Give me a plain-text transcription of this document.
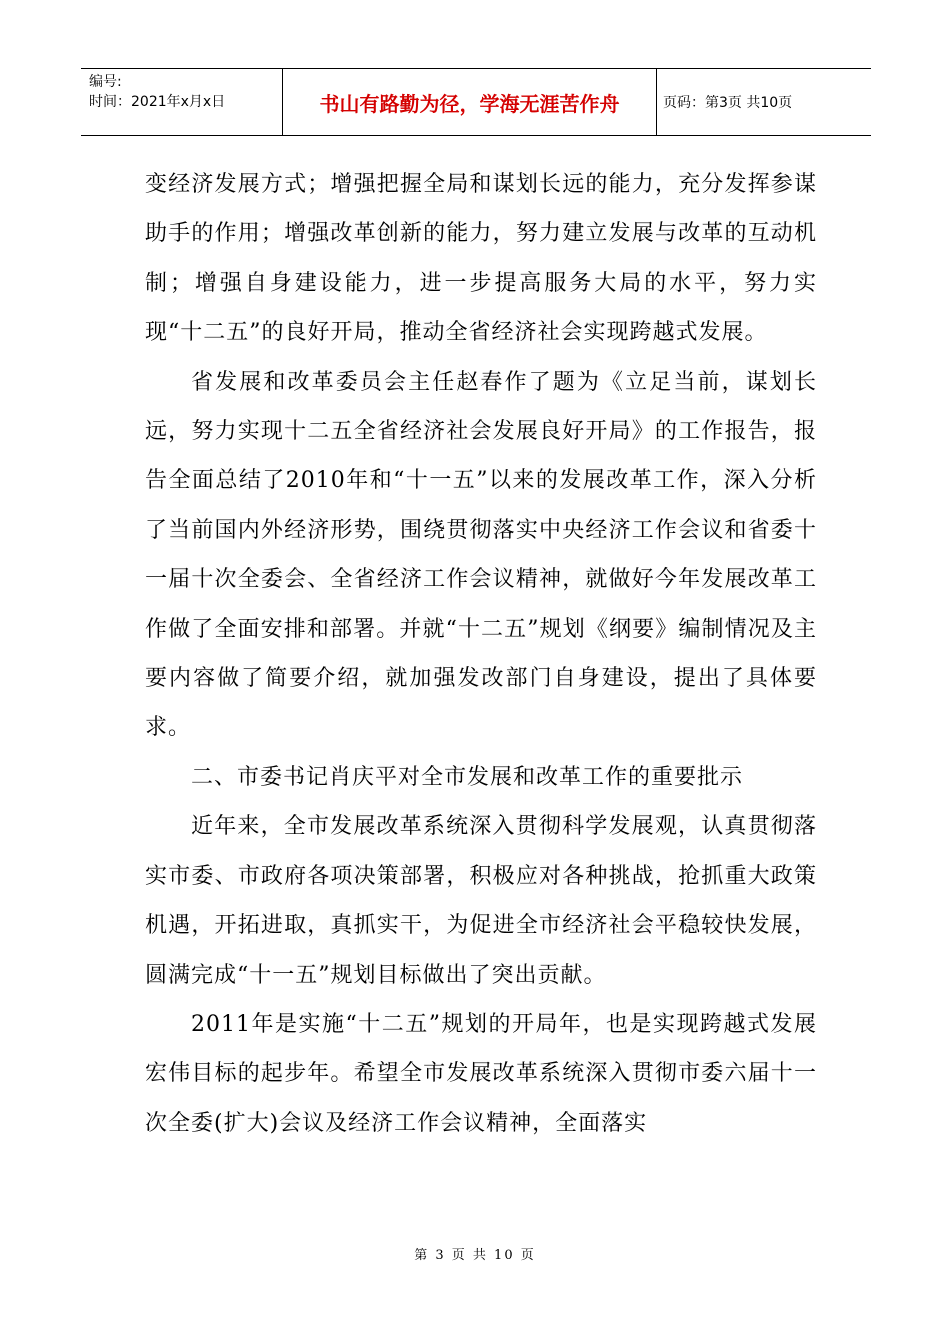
编号:
时间：2021年x月x日	书山有路勤为径，学海无涯苦作舟	页码：第3页 共10页

变经济发展方式；增强把握全局和谋划长远的能力，充分发挥参谋助手的作用；增强改革创新的能力，努力建立发展与改革的互动机制；增强自身建设能力，进一步提高服务大局的水平，努力实现“十二五”的良好开局，推动全省经济社会实现跨越式发展。

省发展和改革委员会主任赵春作了题为《立足当前，谋划长远，努力实现十二五全省经济社会发展良好开局》的工作报告，报告全面总结了2010年和“十一五”以来的发展改革工作，深入分析了当前国内外经济形势，围绕贯彻落实中央经济工作会议和省委十一届十次全委会、全省经济工作会议精神，就做好今年发展改革工作做了全面安排和部署。并就“十二五”规划《纲要》编制情况及主要内容做了简要介绍，就加强发改部门自身建设，提出了具体要求。

二、市委书记肖庆平对全市发展和改革工作的重要批示

近年来，全市发展改革系统深入贯彻科学发展观，认真贯彻落实市委、市政府各项决策部署，积极应对各种挑战，抢抓重大政策机遇，开拓进取，真抓实干，为促进全市经济社会平稳较快发展，圆满完成“十一五”规划目标做出了突出贡献。

2011年是实施“十二五”规划的开局年，也是实现跨越式发展宏伟目标的起步年。希望全市发展改革系统深入贯彻市委六届十一次全委(扩大)会议及经济工作会议精神，全面落实

第 3 页 共 10 页
